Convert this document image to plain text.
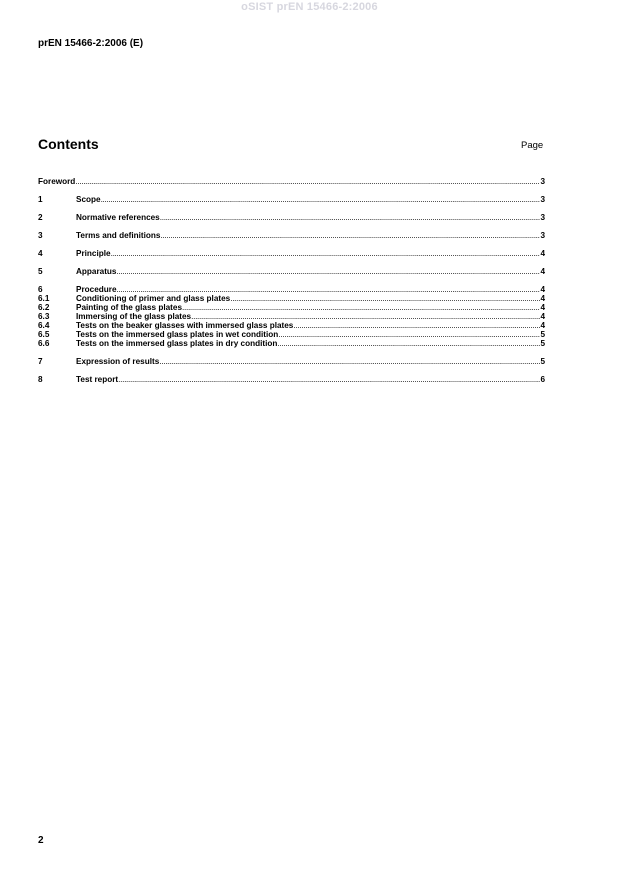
oSIST prEN 15466-2:2006
prEN 15466-2:2006 (E)
Contents	Page
Foreword .....	3
1	Scope .....	3
2	Normative references .....	3
3	Terms and definitions .....	3
4	Principle .....	4
5	Apparatus .....	4
6	Procedure .....	4
6.1	Conditioning of primer and glass plates .....	4
6.2	Painting of the glass plates .....	4
6.3	Immersing of the glass plates .....	4
6.4	Tests on the beaker glasses with immersed glass plates .....	4
6.5	Tests on the immersed glass plates in wet condition .....	5
6.6	Tests on the immersed glass plates in dry condition .....	5
7	Expression of results .....	5
8	Test report .....	6
2
